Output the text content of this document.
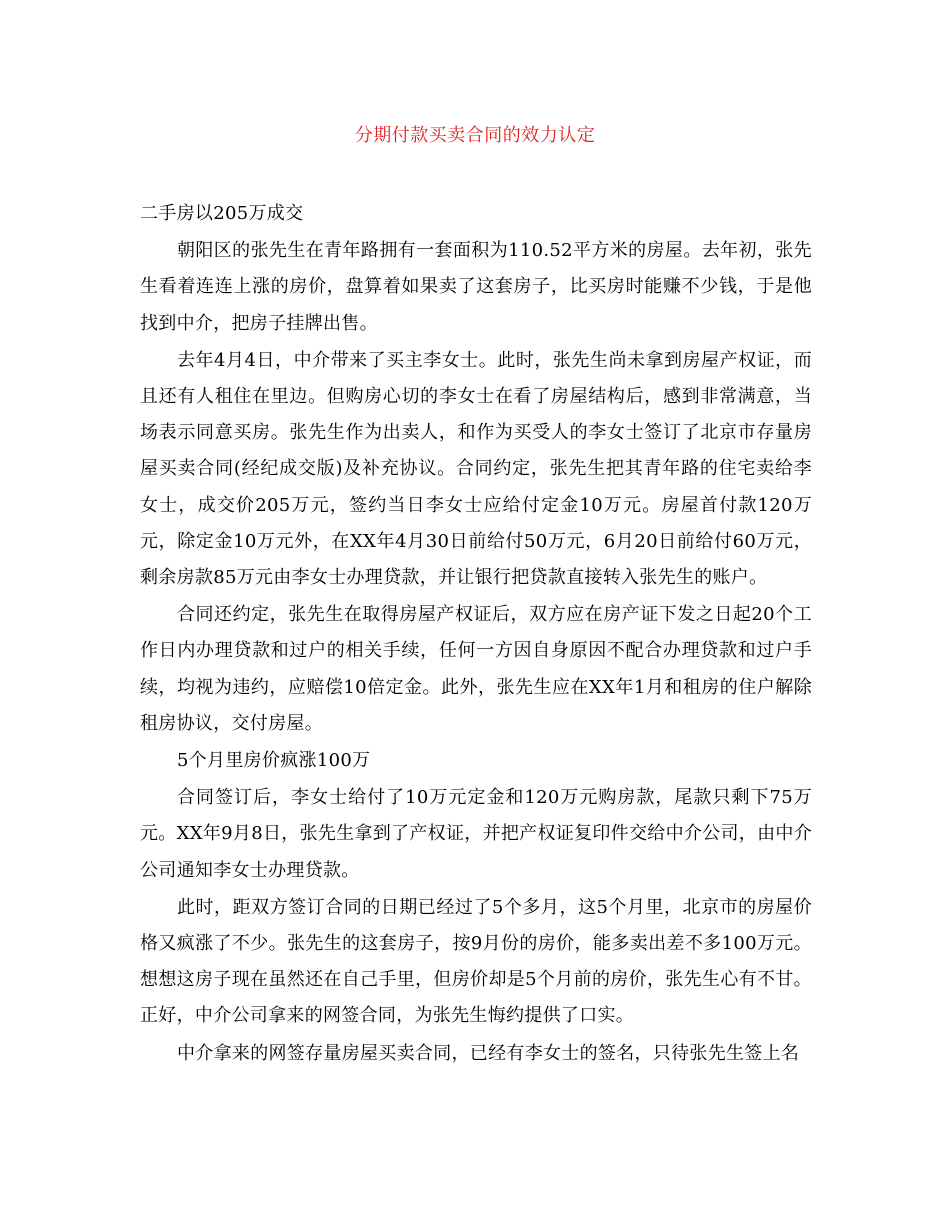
分期付款买卖合同的效力认定

二手房以205万成交

朝阳区的张先生在青年路拥有一套面积为110.52平方米的房屋。去年初，张先生看着连连上涨的房价，盘算着如果卖了这套房子，比买房时能赚不少钱，于是他找到中介，把房子挂牌出售。

去年4月4日，中介带来了买主李女士。此时，张先生尚未拿到房屋产权证，而且还有人租住在里边。但购房心切的李女士在看了房屋结构后，感到非常满意，当场表示同意买房。张先生作为出卖人，和作为买受人的李女士签订了北京市存量房屋买卖合同(经纪成交版)及补充协议。合同约定，张先生把其青年路的住宅卖给李女士，成交价205万元，签约当日李女士应给付定金10万元。房屋首付款120万元，除定金10万元外，在XX年4月30日前给付50万元，6月20日前给付60万元，剩余房款85万元由李女士办理贷款，并让银行把贷款直接转入张先生的账户。

合同还约定，张先生在取得房屋产权证后，双方应在房产证下发之日起20个工作日内办理贷款和过户的相关手续，任何一方因自身原因不配合办理贷款和过户手续，均视为违约，应赔偿10倍定金。此外，张先生应在XX年1月和租房的住户解除租房协议，交付房屋。

5个月里房价疯涨100万

合同签订后，李女士给付了10万元定金和120万元购房款，尾款只剩下75万元。XX年9月8日，张先生拿到了产权证，并把产权证复印件交给中介公司，由中介公司通知李女士办理贷款。

此时，距双方签订合同的日期已经过了5个多月，这5个月里，北京市的房屋价格又疯涨了不少。张先生的这套房子，按9月份的房价，能多卖出差不多100万元。想想这房子现在虽然还在自己手里，但房价却是5个月前的房价，张先生心有不甘。正好，中介公司拿来的网签合同，为张先生悔约提供了口实。

中介拿来的网签存量房屋买卖合同，已经有李女士的签名，只待张先生签上名
